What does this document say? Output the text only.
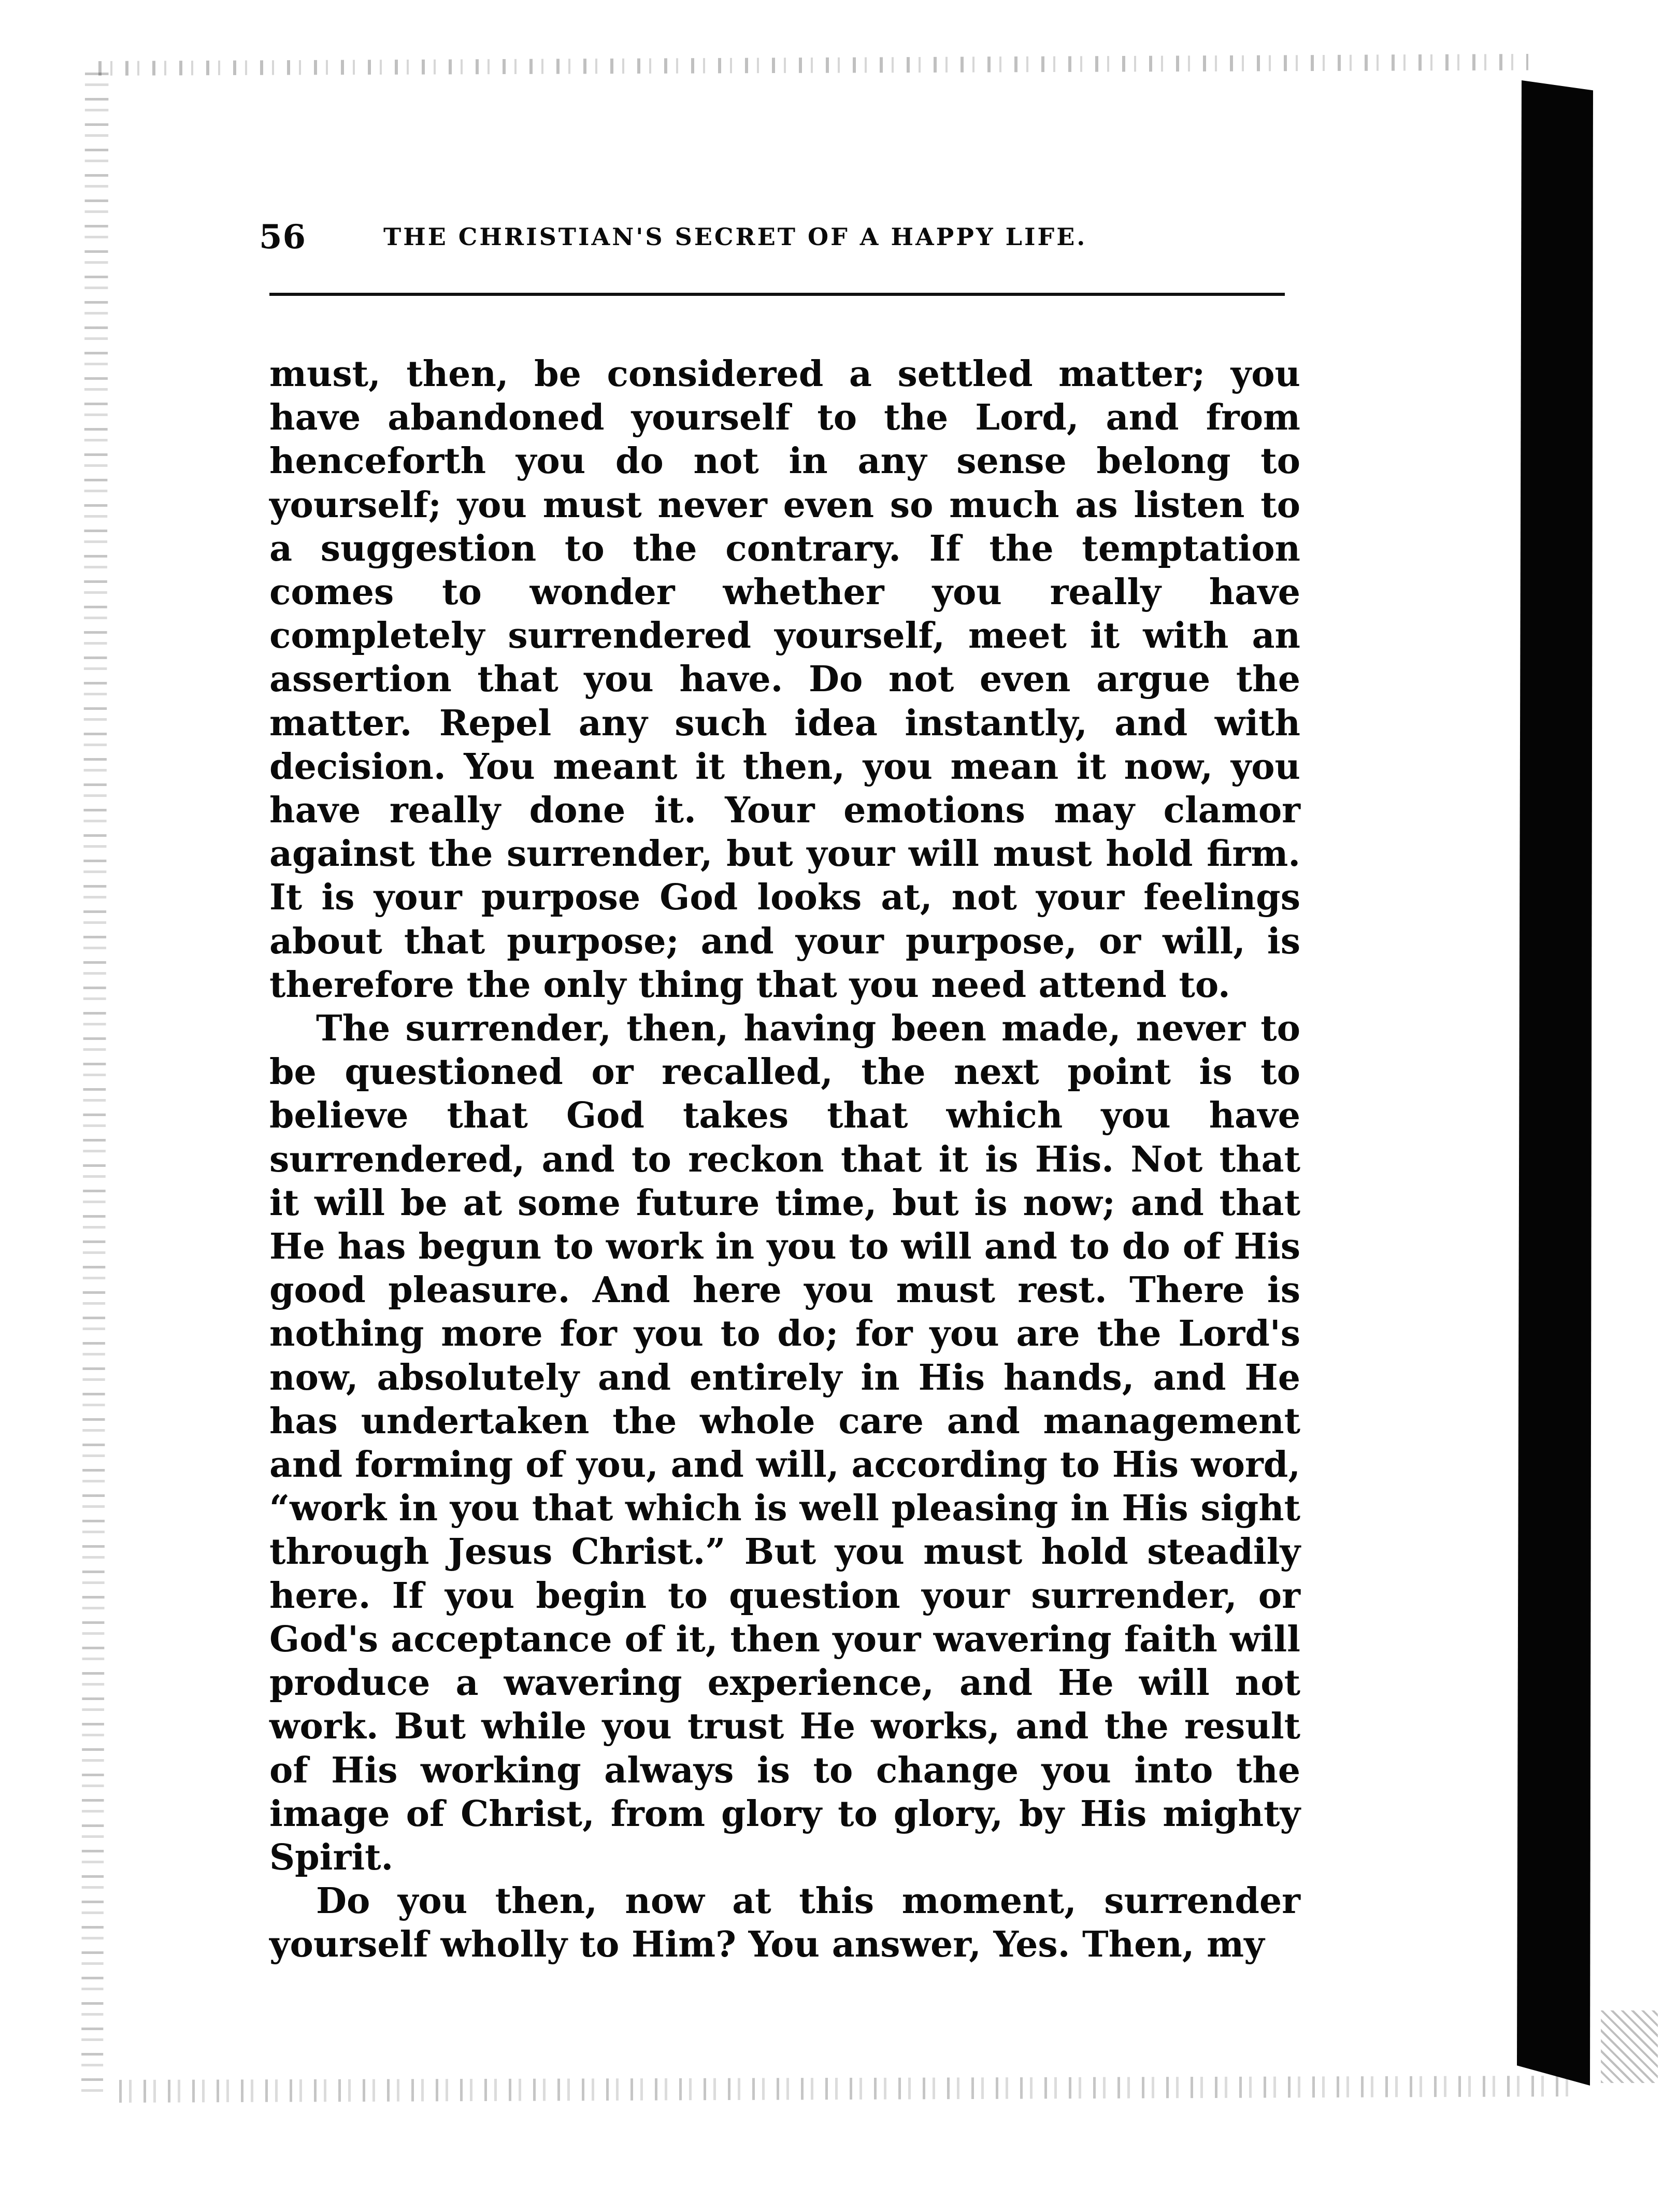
56	THE CHRISTIAN'S SECRET OF A HAPPY LIFE.

must, then, be considered a settled matter; you have abandoned yourself to the Lord, and from henceforth you do not in any sense belong to yourself; you must never even so much as listen to a suggestion to the contrary. If the temptation comes to wonder whether you really have completely surrendered yourself, meet it with an assertion that you have. Do not even argue the matter. Repel any such idea instantly, and with decision. You meant it then, you mean it now, you have really done it. Your emotions may clamor against the surrender, but your will must hold firm. It is your purpose God looks at, not your feelings about that purpose; and your purpose, or will, is therefore the only thing that you need attend to.

The surrender, then, having been made, never to be questioned or recalled, the next point is to believe that God takes that which you have surrendered, and to reckon that it is His. Not that it will be at some future time, but is now; and that He has begun to work in you to will and to do of His good pleasure. And here you must rest. There is nothing more for you to do; for you are the Lord's now, absolutely and entirely in His hands, and He has undertaken the whole care and management and forming of you, and will, according to His word, “work in you that which is well pleasing in His sight through Jesus Christ.” But you must hold steadily here. If you begin to question your surrender, or God's acceptance of it, then your wavering faith will produce a wavering experience, and He will not work. But while you trust He works, and the result of His working always is to change you into the image of Christ, from glory to glory, by His mighty Spirit.

Do you then, now at this moment, surrender yourself wholly to Him? You answer, Yes. Then, my
